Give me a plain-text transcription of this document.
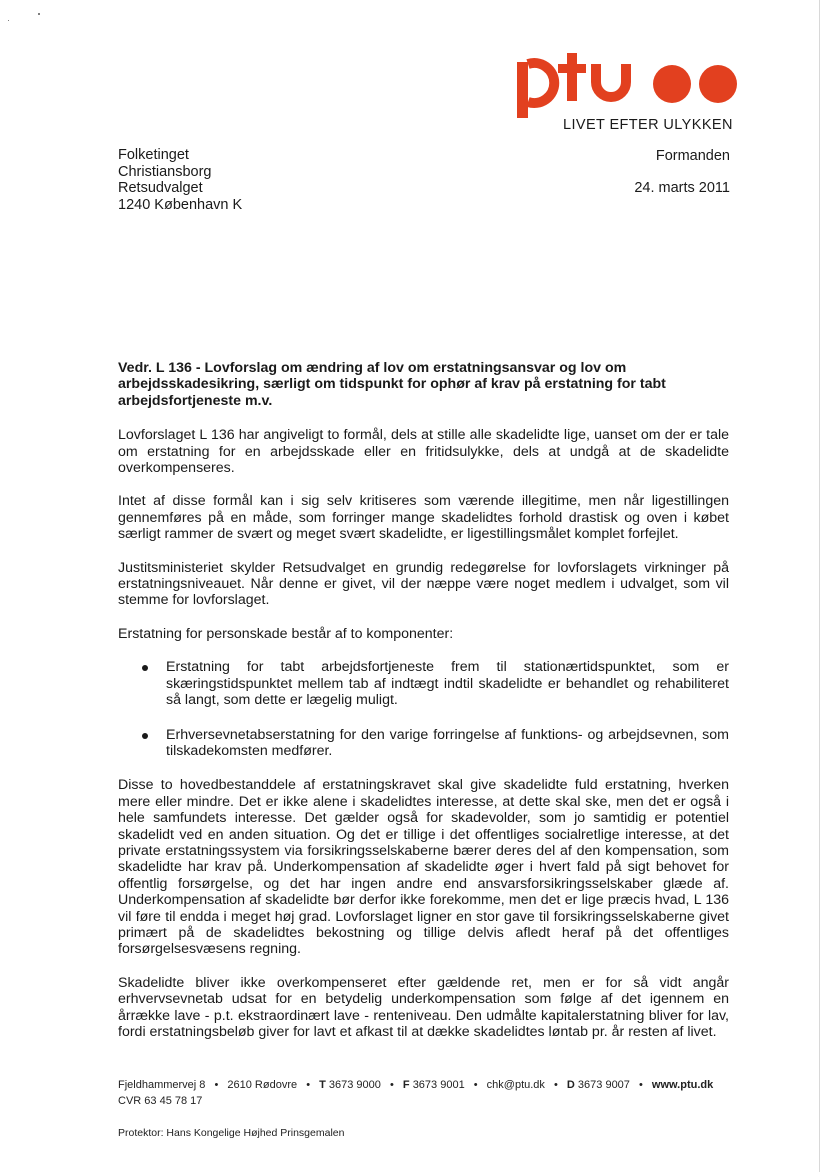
LIVET EFTER ULYKKEN
Folketinget
Christiansborg
Retsudvalget
1240 København K
Formanden
24. marts 2011
Vedr. L 136 - Lovforslag om ændring af lov om erstatningsansvar og lov om arbejdsskadesikring, særligt om tidspunkt for ophør af krav på erstatning for tabt arbejdsfortjeneste m.v.

Lovforslaget L 136 har angiveligt to formål, dels at stille alle skadelidte lige, uanset om der er tale om erstatning for en arbejdsskade eller en fritidsulykke, dels at undgå at de skadelidte overkompenseres.

Intet af disse formål kan i sig selv kritiseres som værende illegitime, men når ligestillingen gennemføres på en måde, som forringer mange skadelidtes forhold drastisk og oven i købet særligt rammer de svært og meget svært skadelidte, er ligestillingsmålet komplet forfejlet.

Justitsministeriet skylder Retsudvalget en grundig redegørelse for lovforslagets virkninger på erstatningsniveauet. Når denne er givet, vil der næppe være noget medlem i udvalget, som vil stemme for lovforslaget.

Erstatning for personskade består af to komponenter:

Erstatning for tabt arbejdsfortjeneste frem til stationærtidspunktet, som er skæringstidspunktet mellem tab af indtægt indtil skadelidte er behandlet og rehabiliteret så langt, som dette er lægelig muligt.
Erhversevnetabserstatning for den varige forringelse af funktions- og arbejdsevnen, som tilskadekomsten medfører.

Disse to hovedbestanddele af erstatningskravet skal give skadelidte fuld erstatning, hverken mere eller mindre. Det er ikke alene i skadelidtes interesse, at dette skal ske, men det er også i hele samfundets interesse. Det gælder også for skadevolder, som jo samtidig er potentiel skadelidt ved en anden situation. Og det er tillige i det offentliges socialretlige interesse, at det private erstatningssystem via forsikringsselskaberne bærer deres del af den kompensation, som skadelidte har krav på. Underkompensation af skadelidte øger i hvert fald på sigt behovet for offentlig forsørgelse, og det har ingen andre end ansvarsforsikringsselskaber glæde af. Underkompensation af skadelidte bør derfor ikke forekomme, men det er lige præcis hvad, L 136 vil føre til endda i meget høj grad. Lovforslaget ligner en stor gave til forsikringsselskaberne givet primært på de skadelidtes bekostning og tillige delvis afledt heraf på det offentliges forsørgelsesvæsens regning.

Skadelidte bliver ikke overkompenseret efter gældende ret, men er for så vidt angår erhvervsevnetab udsat for en betydelig underkompensation som følge af det igennem en årrække lave - p.t. ekstraordinært lave - renteniveau. Den udmålte kapitalerstatning bliver for lav, fordi erstatningsbeløb giver for lavt et afkast til at dække skadelidtes løntab pr. år resten af livet.

Fjeldhammervej 8 • 2610 Rødovre • T 3673 9000 • F 3673 9001 • chk@ptu.dk • D 3673 9007 • www.ptu.dk
CVR 63 45 78 17
Protektor: Hans Kongelige Højhed Prinsgemalen
